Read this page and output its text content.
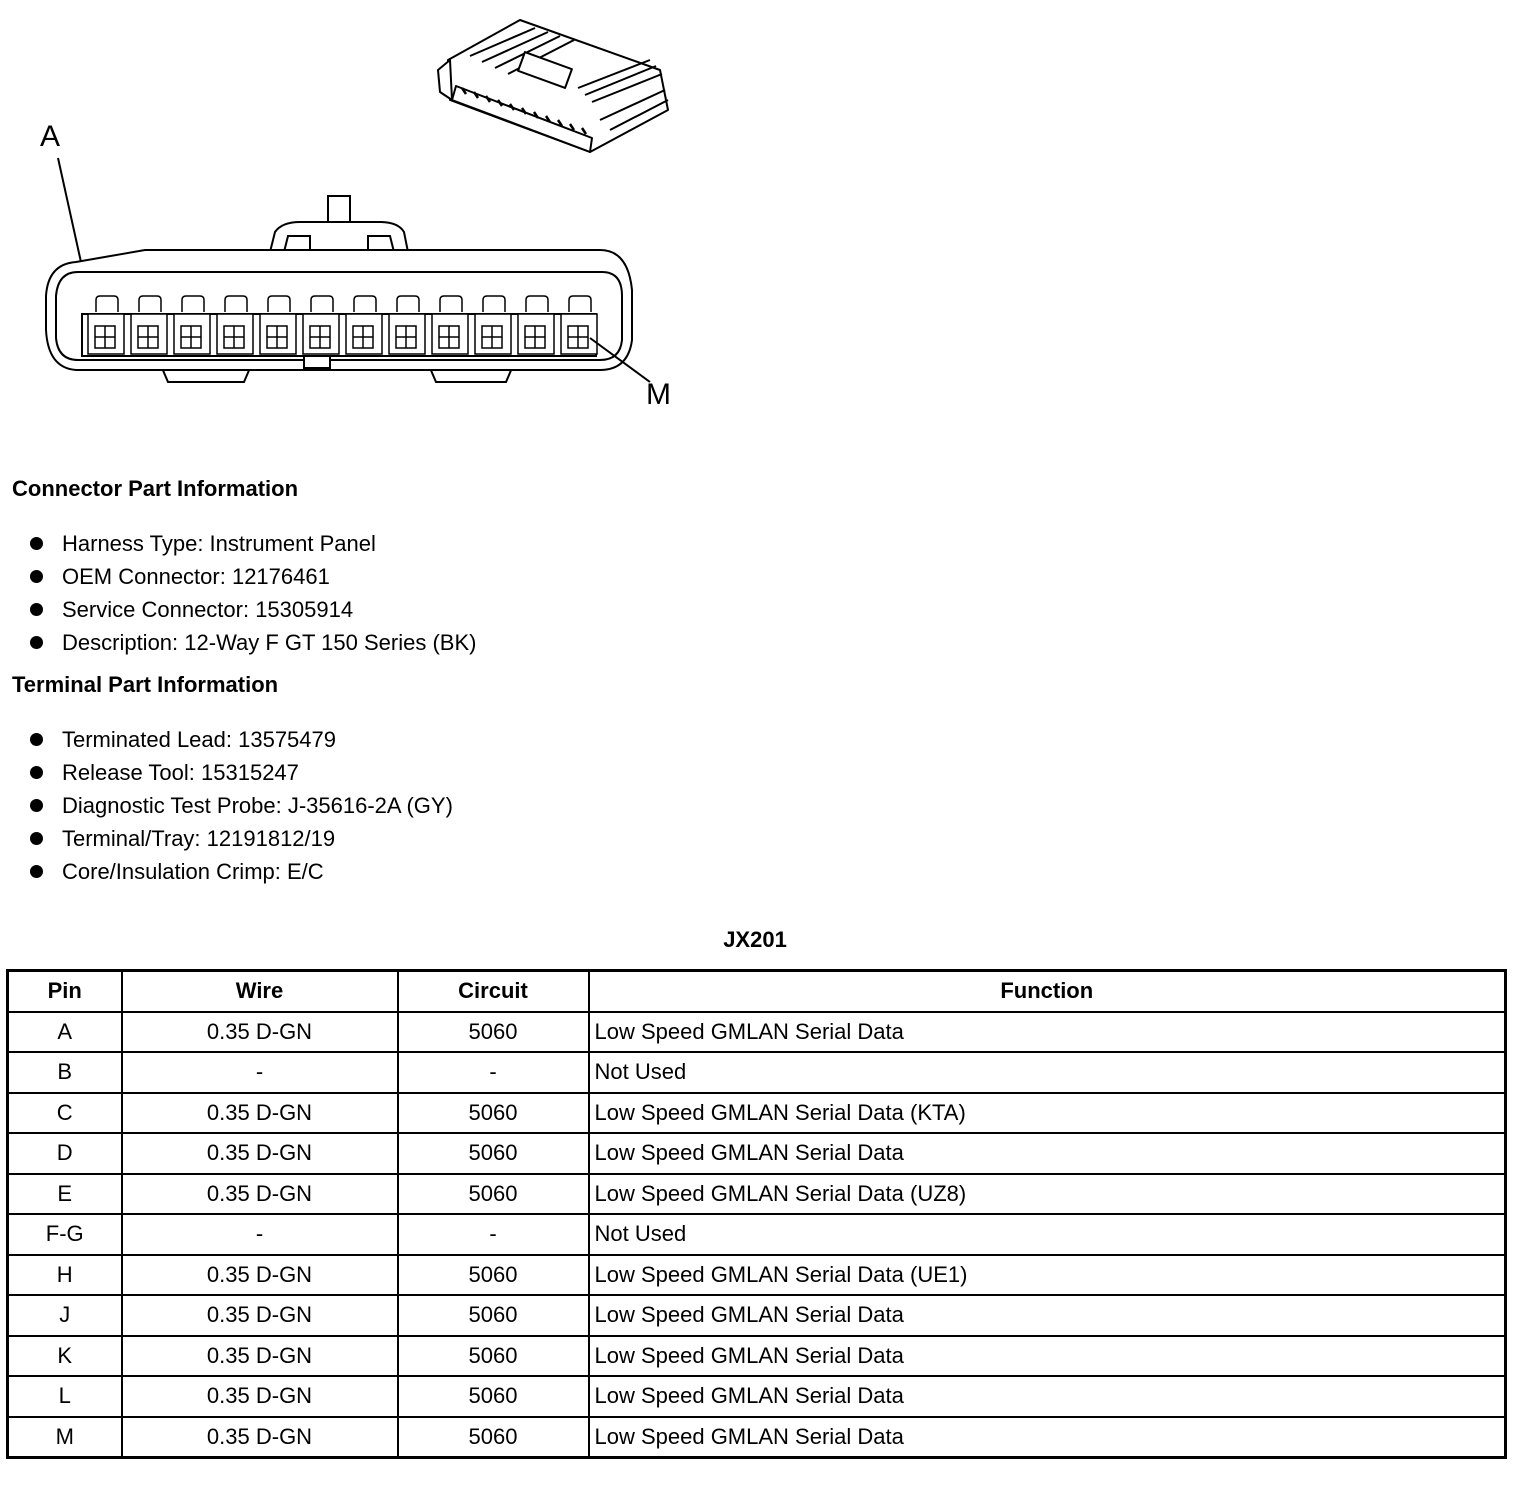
A
M
Connector Part Information
Harness Type: Instrument Panel
OEM Connector: 12176461
Service Connector: 15305914
Description: 12-Way F GT 150 Series (BK)
Terminal Part Information
Terminated Lead: 13575479
Release Tool: 15315247
Diagnostic Test Probe: J-35616-2A (GY)
Terminal/Tray: 12191812/19
Core/Insulation Crimp: E/C
JX201
Pin	Wire	Circuit	Function
A	0.35 D-GN	5060	Low Speed GMLAN Serial Data
B	-	-	Not Used
C	0.35 D-GN	5060	Low Speed GMLAN Serial Data (KTA)
D	0.35 D-GN	5060	Low Speed GMLAN Serial Data
E	0.35 D-GN	5060	Low Speed GMLAN Serial Data (UZ8)
F-G	-	-	Not Used
H	0.35 D-GN	5060	Low Speed GMLAN Serial Data (UE1)
J	0.35 D-GN	5060	Low Speed GMLAN Serial Data
K	0.35 D-GN	5060	Low Speed GMLAN Serial Data
L	0.35 D-GN	5060	Low Speed GMLAN Serial Data
M	0.35 D-GN	5060	Low Speed GMLAN Serial Data
